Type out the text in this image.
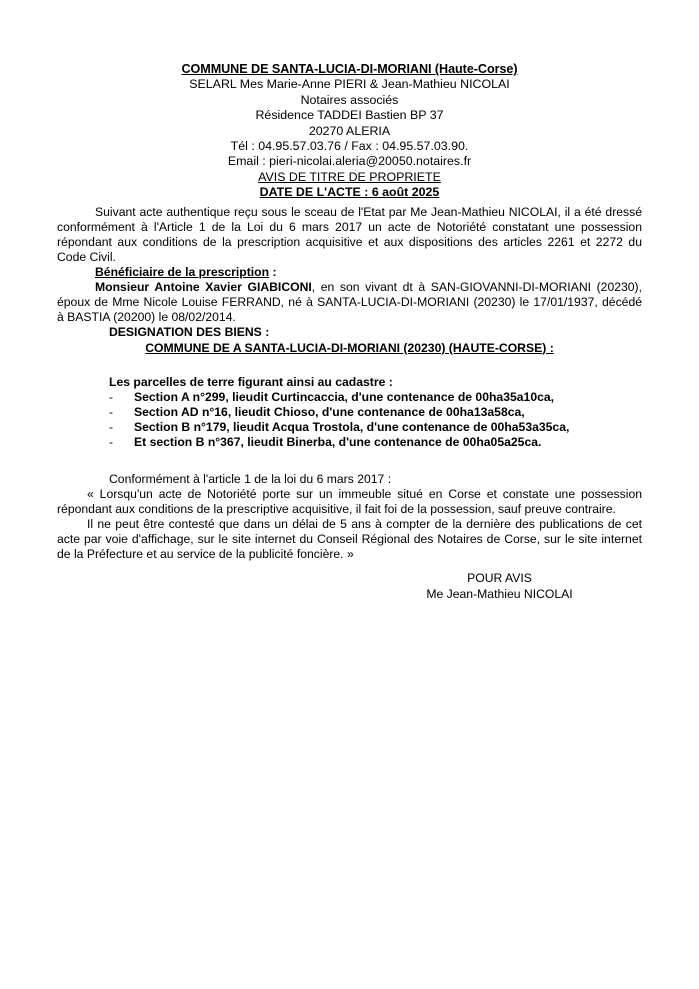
COMMUNE DE SANTA-LUCIA-DI-MORIANI (Haute-Corse)

SELARL Mes Marie-Anne PIERI & Jean-Mathieu NICOLAI

Notaires associés

Résidence TADDEI Bastien BP 37

20270 ALERIA

Tél : 04.95.57.03.76 / Fax : 04.95.57.03.90.

Email : pieri-nicolai.aleria@20050.notaires.fr

AVIS DE TITRE DE PROPRIETE

DATE DE L'ACTE : 6 août 2025

Suivant acte authentique reçu sous le sceau de l'Etat par Me Jean-Mathieu NICOLAI, il a été dressé conformément à l'Article 1 de la Loi du 6 mars 2017 un acte de Notoriété constatant une possession répondant aux conditions de la prescription acquisitive et aux dispositions des articles 2261 et 2272 du Code Civil.

Bénéficiaire de la prescription :

Monsieur Antoine Xavier GIABICONI, en son vivant dt à SAN-GIOVANNI-DI-MORIANI (20230), époux de Mme Nicole Louise FERRAND, né à SANTA-LUCIA-DI-MORIANI (20230) le 17/01/1937, décédé à BASTIA (20200) le 08/02/2014.

DESIGNATION DES BIENS :

COMMUNE DE A SANTA-LUCIA-DI-MORIANI (20230) (HAUTE-CORSE) :

Les parcelles de terre figurant ainsi au cadastre :

-	Section A n°299, lieudit Curtincaccia, d'une contenance de 00ha35a10ca,
-	Section AD n°16, lieudit Chioso, d'une contenance de 00ha13a58ca,
-	Section B n°179, lieudit Acqua Trostola, d'une contenance de 00ha53a35ca,
-	Et section B n°367, lieudit Binerba, d'une contenance de 00ha05a25ca.

Conformément à l'article 1 de la loi du 6 mars 2017 :

« Lorsqu'un acte de Notoriété porte sur un immeuble situé en Corse et constate une possession répondant aux conditions de la prescriptive acquisitive, il fait foi de la possession, sauf preuve contraire.

Il ne peut être contesté que dans un délai de 5 ans à compter de la dernière des publications de cet acte par voie d'affichage, sur le site internet du Conseil Régional des Notaires de Corse, sur le site internet de la Préfecture et au service de la publicité foncière. »

POUR AVIS
Me Jean-Mathieu NICOLAI
